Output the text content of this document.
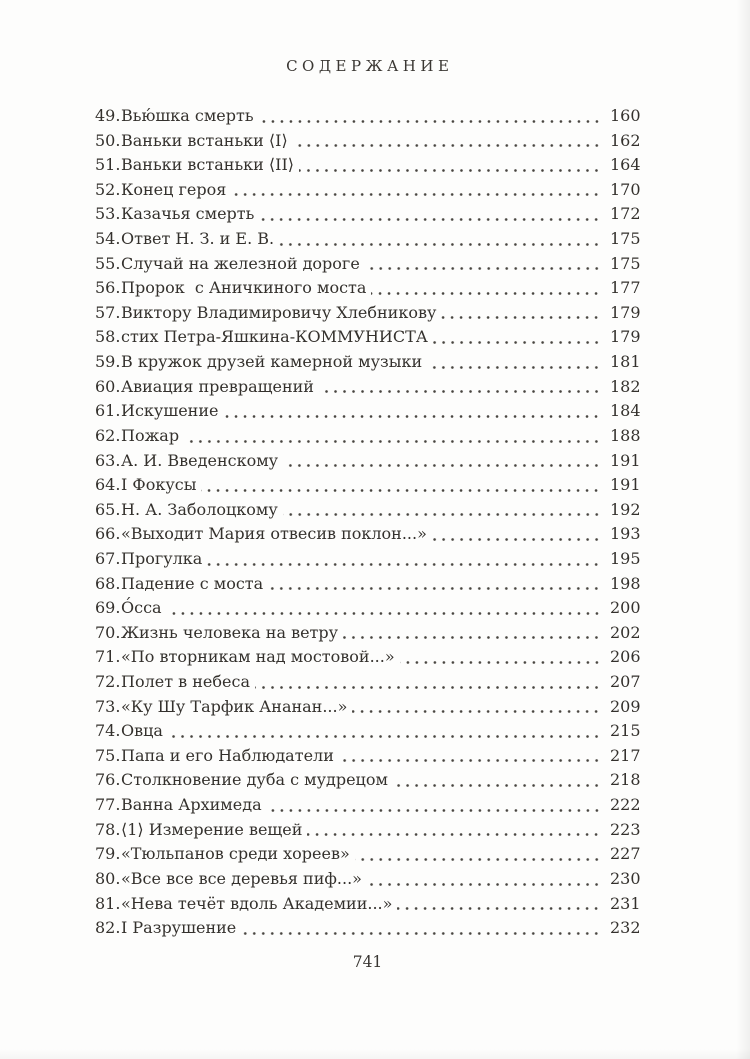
СОДЕРЖАНИЕ
49. Вью́шка смерть	160
50. Ваньки встаньки ⟨I⟩	162
51. Ваньки встаньки ⟨II⟩	164
52. Конец героя	170
53. Казачья смерть	172
54. Ответ Н. З. и Е. В.	175
55. Случай на железной дороге	175
56. Пророк  с Аничкиного моста	177
57. Виктору Владимировичу Хлебникову	179
58. стих Петра-Яшкина-КОММУНИСТА	179
59. В кружок друзей камерной музыки	181
60. Авиация превращений	182
61. Искушение	184
62. Пожар	188
63. А. И. Введенскому	191
64. I Фокусы	191
65. Н. А. Заболоцкому	192
66. «Выходит Мария отвесив поклон...»	193
67. Прогулка	195
68. Падение с моста	198
69. О́сса	200
70. Жизнь человека на ветру	202
71. «По вторникам над мостовой...»	206
72. Полет в небеса	207
73. «Ку Шу Тарфик Ананан...»	209
74. Овца	215
75. Папа и его Наблюдатели	217
76. Столкновение дуба с мудрецом	218
77. Ванна Архимеда	222
78. ⟨1⟩ Измерение вещей	223
79. «Тюльпанов среди хореев»	227
80. «Все все все деревья пиф...»	230
81. «Нева течёт вдоль Академии...»	231
82. I Разрушение	232
741
